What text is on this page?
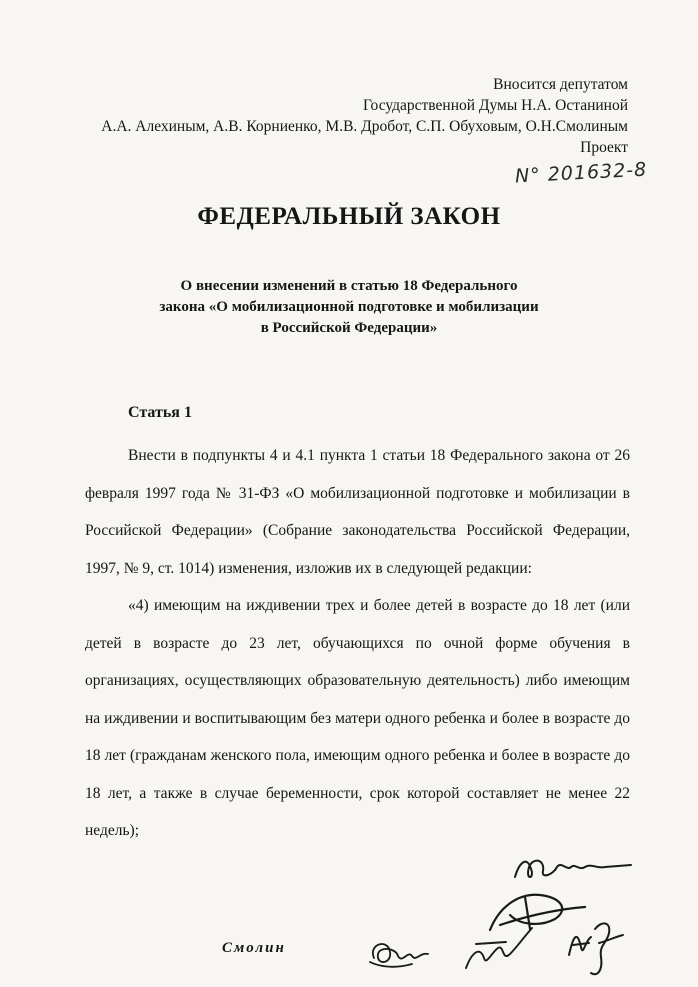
Вносится депутатом
Государственной Думы Н.А. Останиной
А.А. Алехиным, А.В. Корниенко, М.В. Дробот, С.П. Обуховым, О.Н.Смолиным
Проект
N° 201632-8
ФЕДЕРАЛЬНЫЙ ЗАКОН
О внесении изменений в статью 18 Федерального
закона «О мобилизационной подготовке и мобилизации
в Российской Федерации»
Статья 1

Внести в подпункты 4 и 4.1 пункта 1 статьи 18 Федерального закона от 26 февраля 1997 года № 31-ФЗ «О мобилизационной подготовке и мобилизации в Российской Федерации» (Собрание законодательства Российской Федерации, 1997, № 9, ст. 1014) изменения, изложив их в следующей редакции:

«4) имеющим на иждивении трех и более детей в возрасте до 18 лет (или детей в возрасте до 23 лет, обучающихся по очной форме обучения в организациях, осуществляющих образовательную деятельность) либо имеющим на иждивении и воспитывающим без матери одного ребенка и более в возрасте до 18 лет (гражданам женского пола, имеющим одного ребенка и более в возрасте до 18 лет, а также в случае беременности, срок которой составляет не менее 22 недель);

Смолин
